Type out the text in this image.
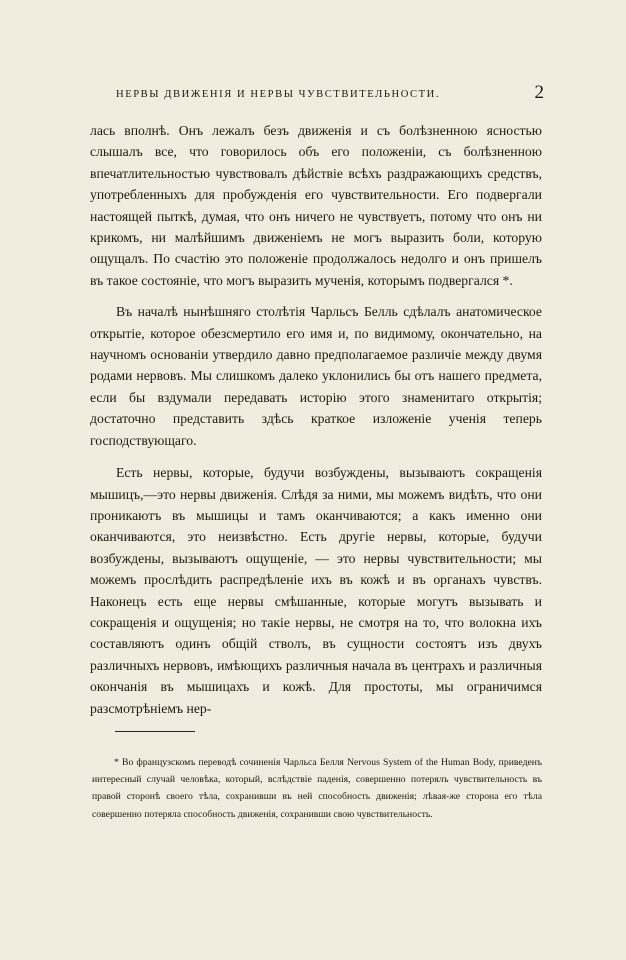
НЕРВЫ ДВИЖЕНІЯ И НЕРВЫ ЧУВСТВИТЕЛЬНОСТИ.	2

лась вполнѣ. Онъ лежалъ безъ движенія и съ болѣзненною ясностью слышалъ все, что говорилось объ его положеніи, съ болѣзненною впечатлительностью чувствовалъ дѣйствіе всѣхъ раздражающихъ средствъ, употребленныхъ для пробужденія его чувствительности. Его подвергали настоящей пыткѣ, думая, что онъ ничего не чувствуетъ, потому что онъ ни крикомъ, ни малѣйшимъ движеніемъ не могъ выразить боли, которую ощущалъ. По счастію это положеніе продолжалось недолго и онъ пришелъ въ такое состояніе, что могъ выразить мученія, которымъ подвергался *.

Въ началѣ нынѣшняго столѣтія Чарльсъ Белль сдѣлалъ анатомическое открытіе, которое обезсмертило его имя и, по видимому, окончательно, на научномъ основаніи утвердило давно предполагаемое различіе между двумя родами нервовъ. Мы слишкомъ далеко уклонились бы отъ нашего предмета, если бы вздумали передавать исторію этого знаменитаго открытія; достаточно представить здѣсь краткое изложеніе ученія теперь господствующаго.

Есть нервы, которые, будучи возбуждены, вызываютъ сокращенія мышицъ,—это нервы движенія. Слѣдя за ними, мы можемъ видѣть, что они проникаютъ въ мышицы и тамъ оканчиваются; а какъ именно они оканчиваются, это неизвѣстно. Есть другіе нервы, которые, будучи возбуждены, вызываютъ ощущеніе, — это нервы чувствительности; мы можемъ прослѣдить распредѣленіе ихъ въ кожѣ и въ органахъ чувствъ. Наконецъ есть еще нервы смѣшанные, которые могутъ вызывать и сокращенія и ощущенія; но такіе нервы, не смотря на то, что волокна ихъ составляютъ одинъ общій стволъ, въ сущности состоятъ изъ двухъ различныхъ нервовъ, имѣющихъ различныя начала въ центрахъ и различныя окончанія въ мышицахъ и кожѣ. Для простоты, мы ограничимся разсмотрѣніемъ нер-

* Во французскомъ переводѣ сочиненія Чарльса Белля Nervous System of the Human Body, приведенъ интересный случай человѣка, который, вслѣдствіе паденія, совершенно потерялъ чувствительность въ правой сторонѣ своего тѣла, сохранивши въ ней способность движенія; лѣвая-же сторона его тѣла совершенно потеряла способность движенія, сохранивши свою чувствительность.
